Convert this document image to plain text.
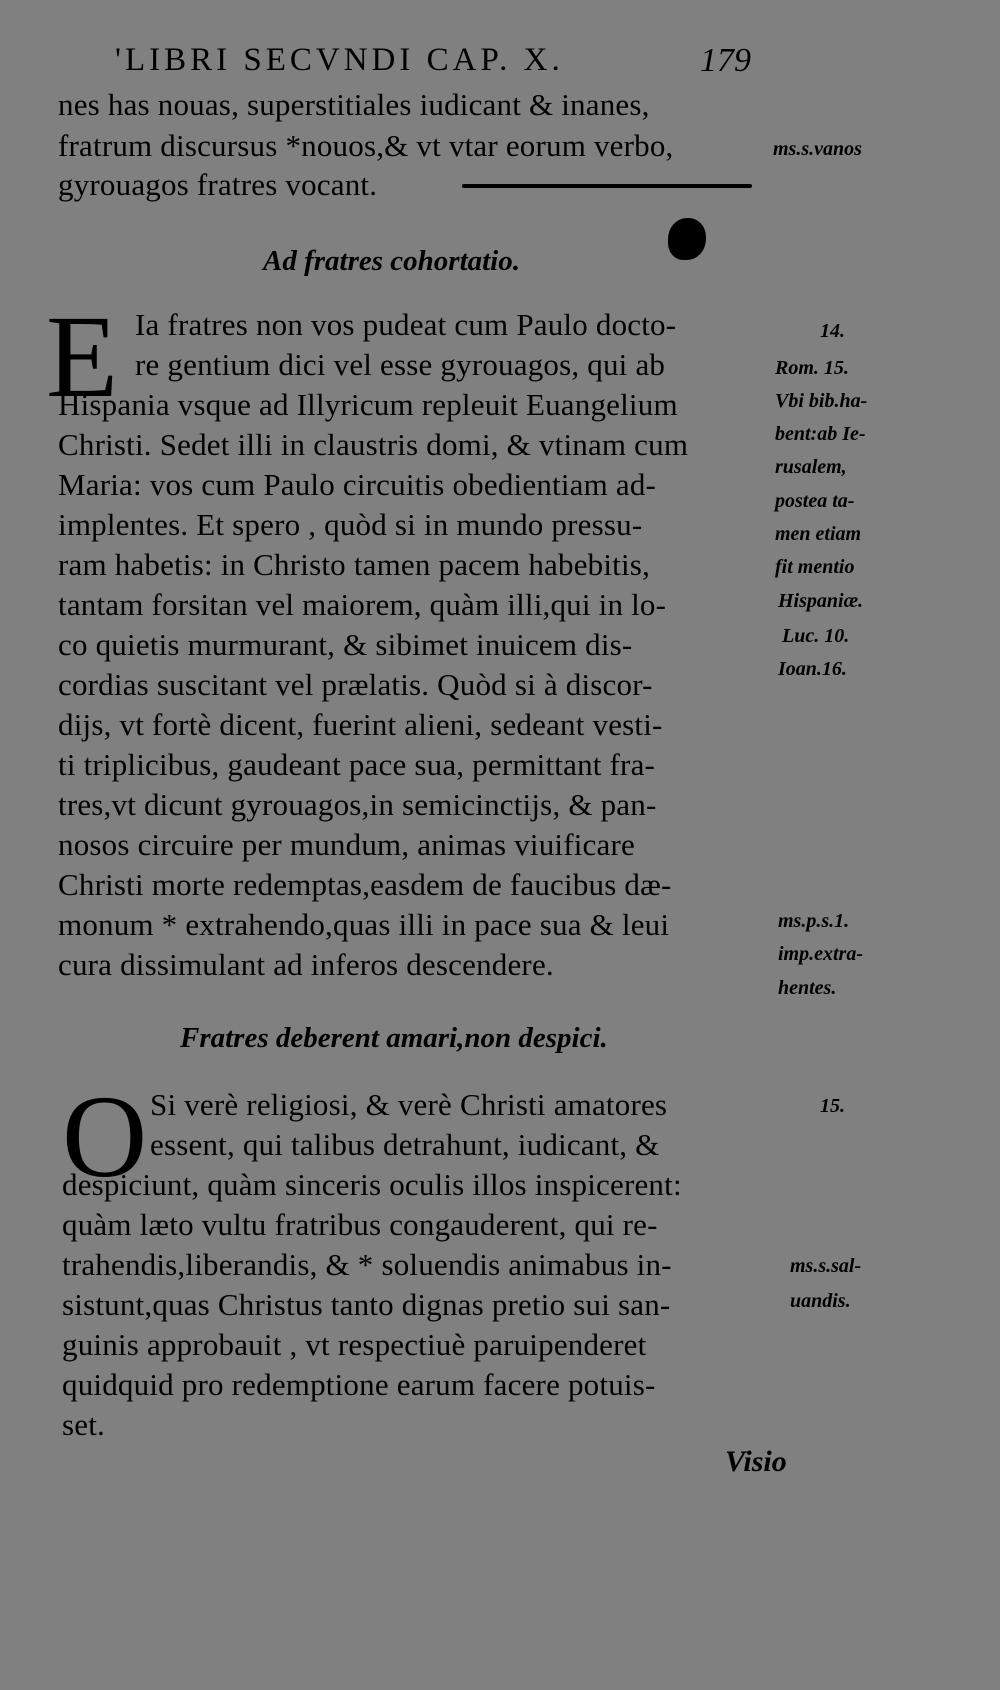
'LIBRI SECVNDI CAP. X.	179
nes has nouas, superstitiales iudicant & inanes,
fratrum discursus *nouos,& vt vtar eorum verbo,
gyrouagos fratres vocant.
Ad fratres cohortatio.
E Ia fratres non vos pudeat cum Paulo docto-
re gentium dici vel esse gyrouagos, qui ab
Hispania vsque ad Illyricum repleuit Euangelium
Christi. Sedet illi in claustris domi, & vtinam cum
Maria: vos cum Paulo circuitis obedientiam ad-
implentes. Et spero , quòd si in mundo pressu-
ram habetis: in Christo tamen pacem habebitis,
tantam forsitan vel maiorem, quàm illi,qui in lo-
co quietis murmurant, & sibimet inuicem dis-
cordias suscitant vel prælatis. Quòd si à discor-
dijs, vt fortè dicent, fuerint alieni, sedeant vesti-
ti triplicibus, gaudeant pace sua, permittant fra-
tres,vt dicunt gyrouagos,in semicinctijs, & pan-
nosos circuire per mundum, animas viuificare
Christi morte redemptas,easdem de faucibus dæ-
monum * extrahendo,quas illi in pace sua & leui
cura dissimulant ad inferos descendere.
Fratres deberent amari,non despici.
O Si verè religiosi, & verè Christi amatores
essent, qui talibus detrahunt, iudicant, &
despiciunt, quàm sinceris oculis illos inspicerent:
quàm læto vultu fratribus congauderent, qui re-
trahendis,liberandis, & * soluendis animabus in-
sistunt,quas Christus tanto dignas pretio sui san-
guinis approbauit , vt respectiuè paruipenderet
quidquid pro redemptione earum facere potuis-
set.
ms.s.vanos
14.
Rom. 15.
Vbi bib.ha-
bent:ab Ie-
rusalem,
postea ta-
men etiam
fit mentio
Hispaniæ.
Luc. 10.
Ioan.16.
ms.p.s.1.
imp.extra-
hentes.
15.
ms.s.sal-
uandis.
Visio
